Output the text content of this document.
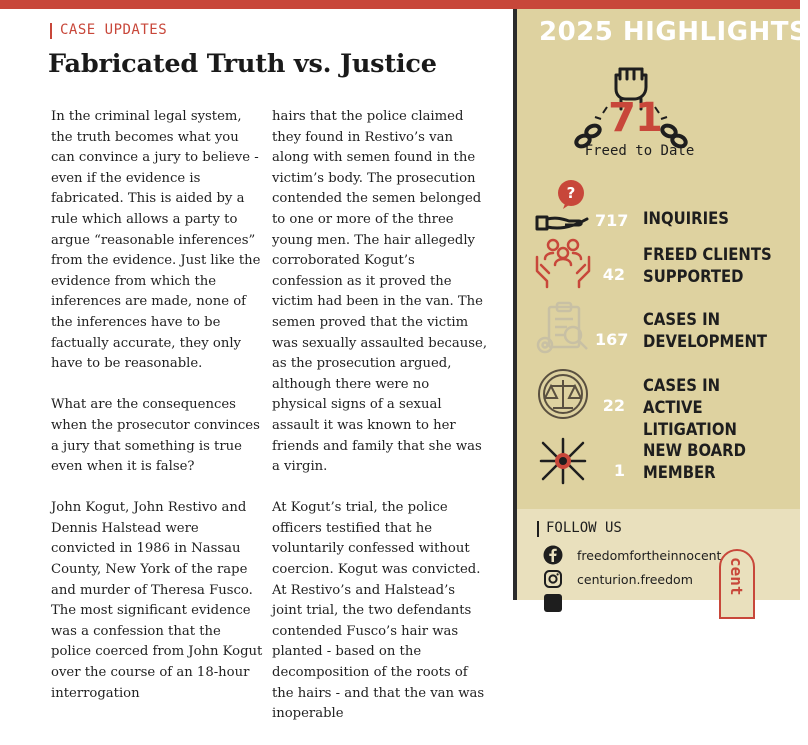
CASE UPDATES
Fabricated Truth vs. Justice

In the criminal legal system, the truth becomes what you can convince a jury to believe - even if the evidence is fabricated. This is aided by a rule which allows a party to argue “reasonable inferences” from the evidence. Just like the evidence from which the inferences are made, none of the inferences have to be factually accurate, they only have to be reasonable.

What are the consequences when the prosecutor convinces a jury that something is true even when it is false?

John Kogut, John Restivo and Dennis Halstead were convicted in 1986 in Nassau County, New York of the rape and murder of Theresa Fusco. The most significant evidence was a confession that the police coerced from John Kogut over the course of an 18-hour interrogation

hairs that the police claimed they found in Restivo’s van along with semen found in the victim’s body. The prosecution contended the semen belonged to one or more of the three young men. The hair allegedly corroborated Kogut’s confession as it proved the victim had been in the van. The semen proved that the victim was sexually assaulted because, as the prosecution argued, although there were no physical signs of a sexual assault it was known to her friends and family that she was a virgin.

At Kogut’s trial, the police officers testified that he voluntarily confessed without coercion. Kogut was convicted. At Restivo’s and Halstead’s joint trial, the two defendants contended Fusco’s hair was planted - based on the decomposition of the roots of the hairs - and that the van was inoperable

2025 HIGHLIGHTS
71
Freed to Date
?
717 INQUIRIES
42
FREED CLIENTS SUPPORTED
167
CASES IN DEVELOPMENT
22
CASES IN ACTIVE LITIGATION
1
NEW BOARD MEMBER
FOLLOW US
freedomfortheinnocent
centurion.freedom cent
